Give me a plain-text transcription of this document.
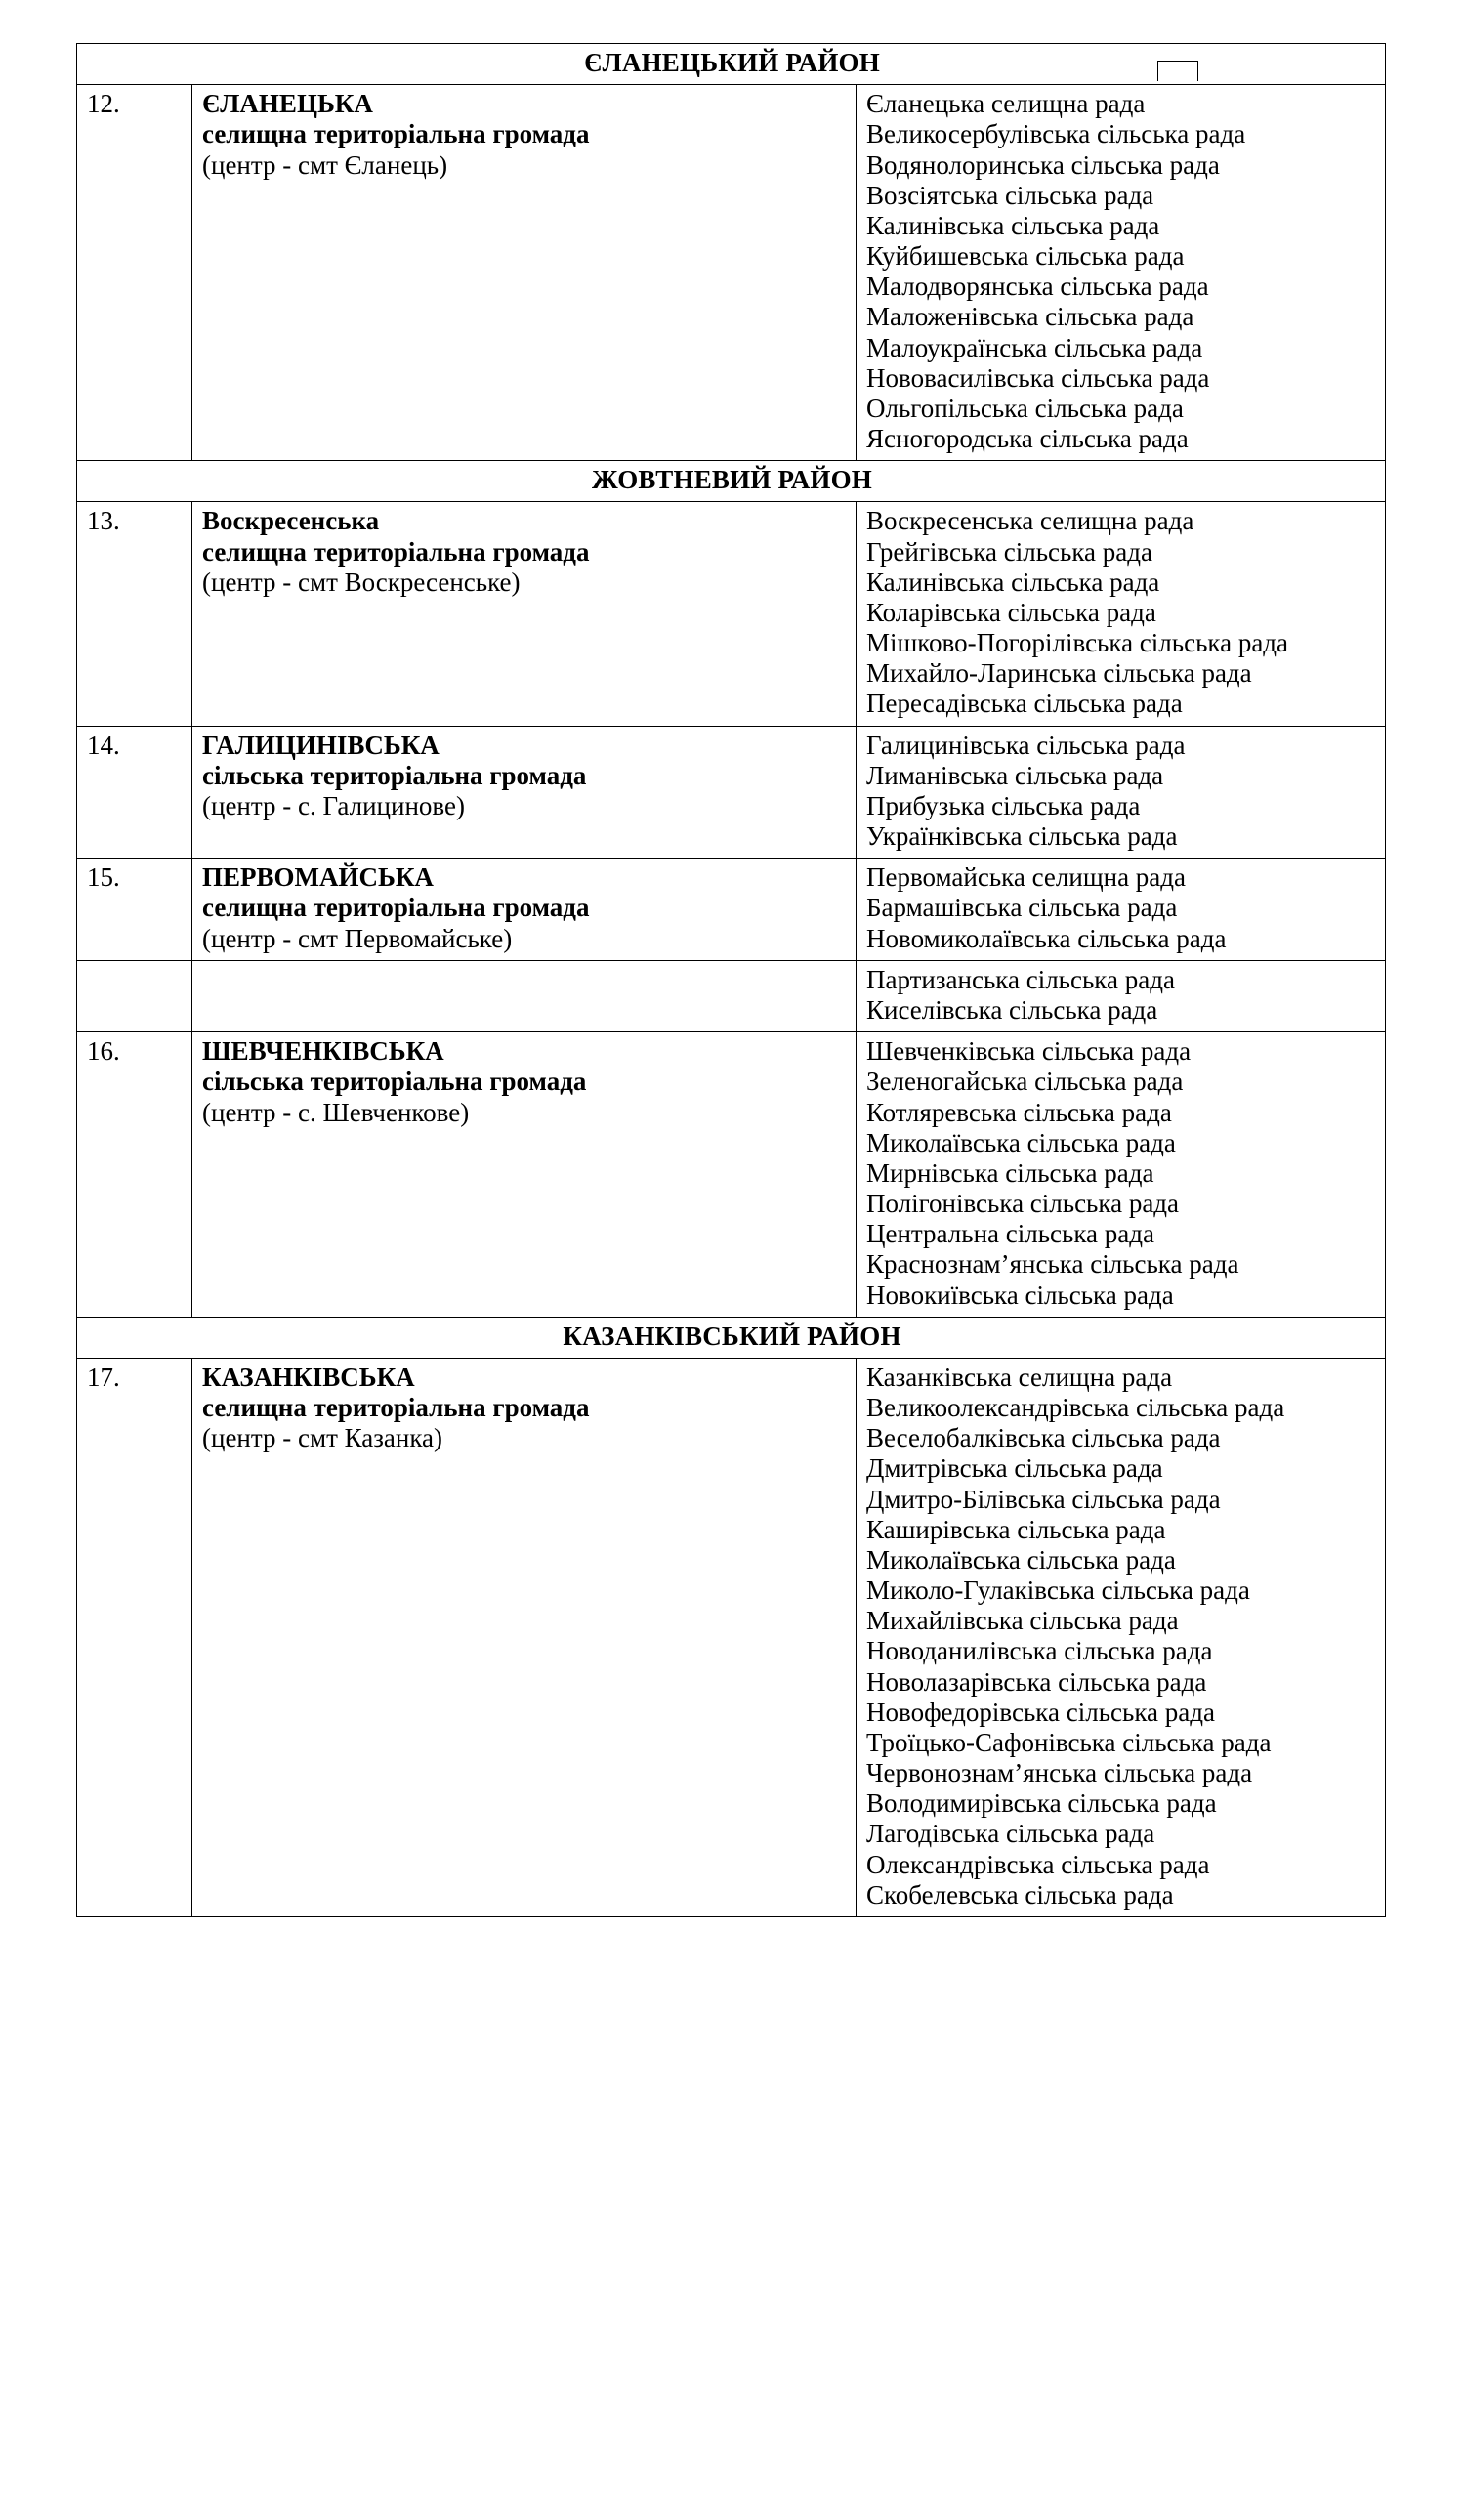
ЄЛАНЕЦЬКИЙ РАЙОН		
12.	ЄЛАНЕЦЬКА
селищна територіальна громада
(центр - смт Єланець)

Єланецька селищна рада
Великосербулівська сільська рада
Водянолоринська сільська рада
Возсіятська сільська рада
Калинівська сільська рада
Куйбишевська сільська рада
Малодворянська сільська рада
Маложенівська сільська рада
Малоукраїнська сільська рада
Нововасилівська сільська рада
Ольгопільська сільська рада
Ясногородська сільська рада

ЖОВТНЕВИЙ РАЙОН		
13.	Воскресенська
селищна територіальна громада
(центр - смт Воскресенське)

Воскресенська селищна рада
Грейгівська сільська рада
Калинівська сільська рада
Коларівська сільська рада
Мішково-Погорілівська сільська рада
Михайло-Ларинська сільська рада
Пересадівська сільська рада

14.	ГАЛИЦИНІВСЬКА
сільська територіальна громада
(центр - с. Галицинове)	Галицинівська сільська рада
Лиманівська сільська рада
Прибузька сільська рада
Українківська сільська рада

15.	ПЕРВОМАЙСЬКА
селищна територіальна громада
(центр - смт Первомайське)	Первомайська селищна рада
Бармашівська сільська рада
Новомиколаївська сільська рада

		Партизанська сільська рада
Киселівська сільська рада

16.	ШЕВЧЕНКІВСЬКА
сільська територіальна громада
(центр - с. Шевченкове)

Шевченківська сільська рада
Зеленогайська сільська рада
Котляревська сільська рада
Миколаївська сільська рада
Мирнівська сільська рада
Полігонівська сільська рада
Центральна сільська рада
Краснознам’янська сільська рада
Новокиївська сільська рада

КАЗАНКІВСЬКИЙ РАЙОН		
17.	КАЗАНКІВСЬКА
селищна територіальна громада
(центр - смт Казанка)

Казанківська селищна рада
Великоолександрівська сільська рада
Веселобалківська сільська рада
Дмитрівська сільська рада
Дмитро-Білівська сільська рада
Каширівська сільська рада
Миколаївська сільська рада
Миколо-Гулаківська сільська рада
Михайлівська сільська рада
Новоданилівська сільська рада
Новолазарівська сільська рада
Новофедорівська сільська рада
Троїцько-Сафонівська сільська рада
Червонознам’янська сільська рада
Володимирівська сільська рада
Лагодівська сільська рада
Олександрівська сільська рада
Скобелевська сільська рада
